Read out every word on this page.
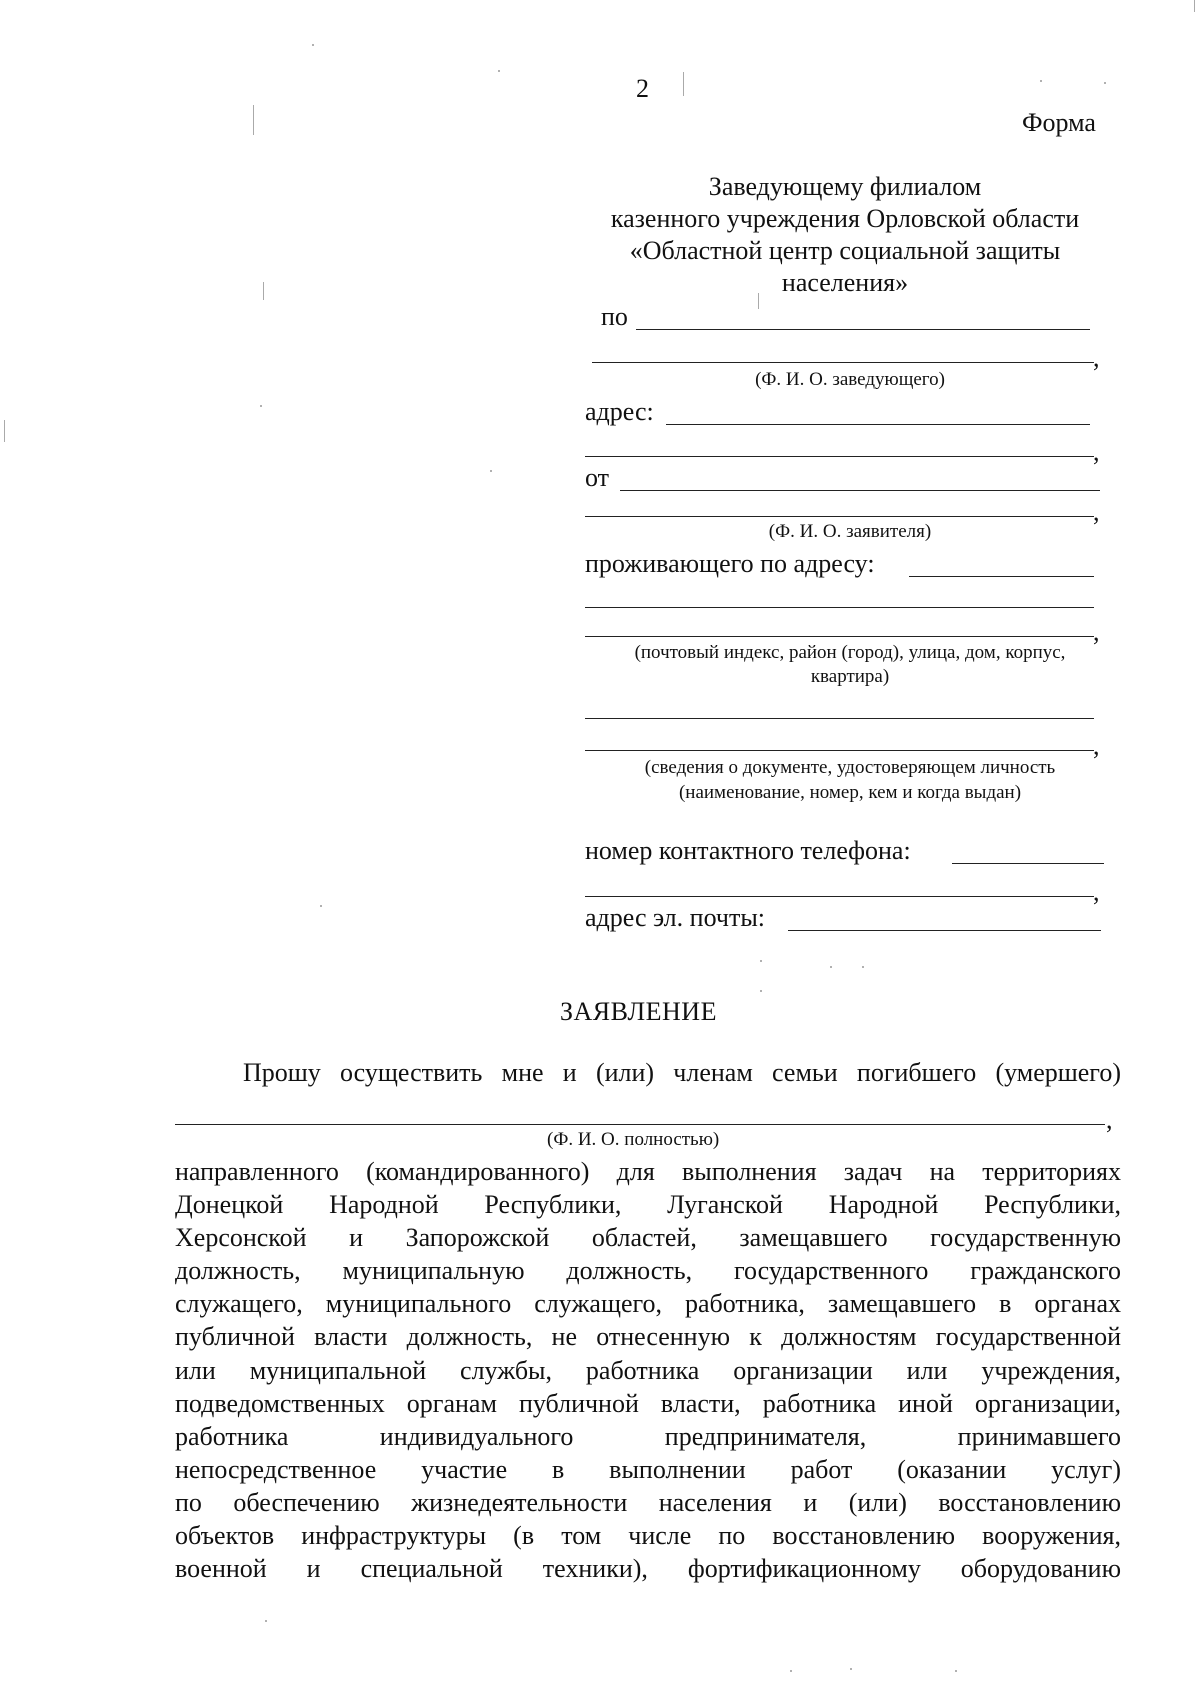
2
Форма
Заведующему филиалом
казенного учреждения Орловской области
«Областной центр социальной защиты
населения»
по
,
(Ф. И. О. заведующего)
адрес:
,
от
,
(Ф. И. О. заявителя)
проживающего по адресу:
,
(почтовый индекс, район (город), улица, дом, корпус,
квартира)
,
(сведения о документе, удостоверяющем личность
(наименование, номер, кем и когда выдан)
номер контактного телефона:
,
адрес эл. почты:
ЗАЯВЛЕНИЕ
Прошу осуществить мне и (или) членам семьи погибшего (умершего)
,
(Ф. И. О. полностью)
направленного (командированного) для выполнения задач на территориях
Донецкой Народной Республики, Луганской Народной Республики,
Херсонской и Запорожской областей, замещавшего государственную
должность, муниципальную должность, государственного гражданского
служащего, муниципального служащего, работника, замещавшего в органах
публичной власти должность, не отнесенную к должностям государственной
или муниципальной службы, работника организации или учреждения,
подведомственных органам публичной власти, работника иной организации,
работника индивидуального предпринимателя, принимавшего
непосредственное участие в выполнении работ (оказании услуг)
по обеспечению жизнедеятельности населения и (или) восстановлению
объектов инфраструктуры (в том числе по восстановлению вооружения,
военной и специальной техники), фортификационному оборудованию
